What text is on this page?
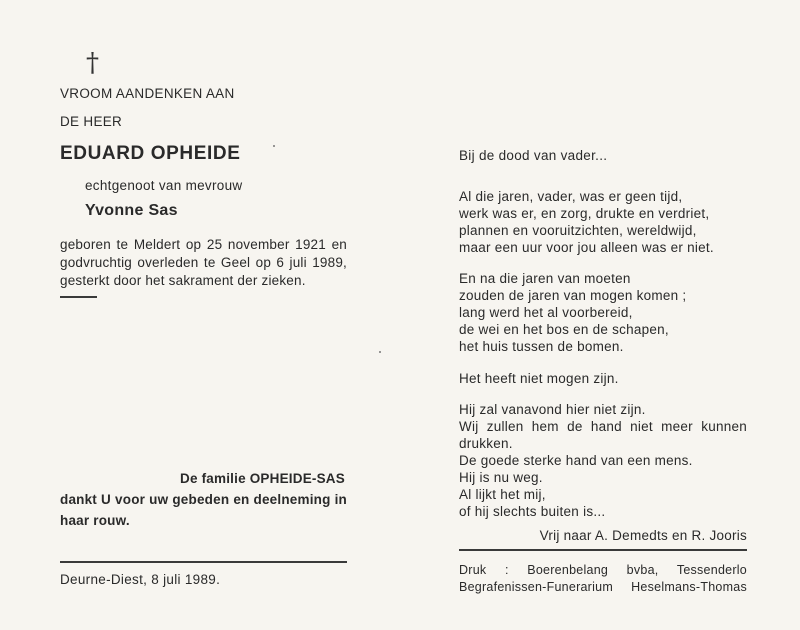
†
VROOM AANDENKEN AAN
DE HEER
EDUARD OPHEIDE
echtgenoot van mevrouw
Yvonne Sas
geboren te Meldert op 25 november 1921 en
godvruchtig overleden te Geel op 6 juli 1989,
gesterkt door het sakrament der zieken.
De familie OPHEIDE-SAS
dankt U voor uw gebeden en deelneming in
haar rouw.
Deurne-Diest, 8 juli 1989.
Bij de dood van vader...
Al die jaren, vader, was er geen tijd,
werk was er, en zorg, drukte en verdriet,
plannen en vooruitzichten, wereldwijd,
maar een uur voor jou alleen was er niet.
En na die jaren van moeten
zouden de jaren van mogen komen ;
lang werd het al voorbereid,
de wei en het bos en de schapen,
het huis tussen de bomen.
Het heeft niet mogen zijn.
Hij zal vanavond hier niet zijn.
Wij zullen hem de hand niet meer kunnen
drukken.
De goede sterke hand van een mens.
Hij is nu weg.
Al lijkt het mij,
of hij slechts buiten is...
Vrij naar A. Demedts en R. Jooris
Druk : Boerenbelang bvba, Tessenderlo
Begrafenissen-Funerarium Heselmans-Thomas
